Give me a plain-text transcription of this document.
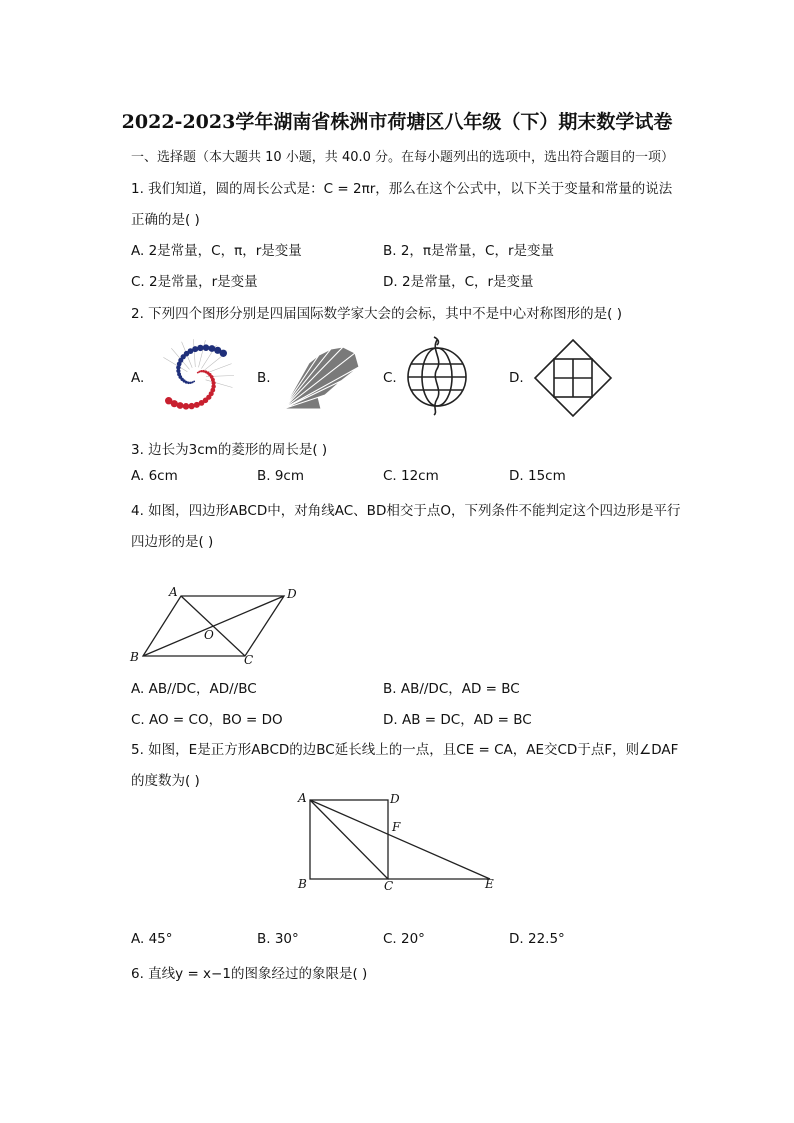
2022-2023学年湖南省株洲市荷塘区八年级（下）期末数学试卷
一、选择题（本大题共 10 小题，共 40.0 分。在每小题列出的选项中，选出符合题目的一项）
1. 我们知道，圆的周长公式是：C = 2πr，那么在这个公式中，以下关于变量和常量的说法
正确的是( )
A. 2是常量，C，π，r是变量	B. 2，π是常量，C，r是变量
C. 2是常量，r是变量	D. 2是常量，C，r是变量
2. 下列四个图形分别是四届国际数学家大会的会标，其中不是中心对称图形的是( )
A.	B.	C.	D.
3. 边长为3cm的菱形的周长是( )
A. 6cm	B. 9cm	C. 12cm	D. 15cm
4. 如图，四边形ABCD中，对角线AC、BD相交于点O，下列条件不能判定这个四边形是平行
四边形的是( )
A	D
O
B	C
A. AB//DC，AD//BC	B. AB//DC，AD = BC
C. AO = CO，BO = DO	D. AB = DC，AD = BC
5. 如图，E是正方形ABCD的边BC延长线上的一点，且CE = CA，AE交CD于点F，则∠DAF
的度数为( )
A	D
F
B	C	E
A. 45°	B. 30°	C. 20°	D. 22.5°
6. 直线y = x−1的图象经过的象限是( )
